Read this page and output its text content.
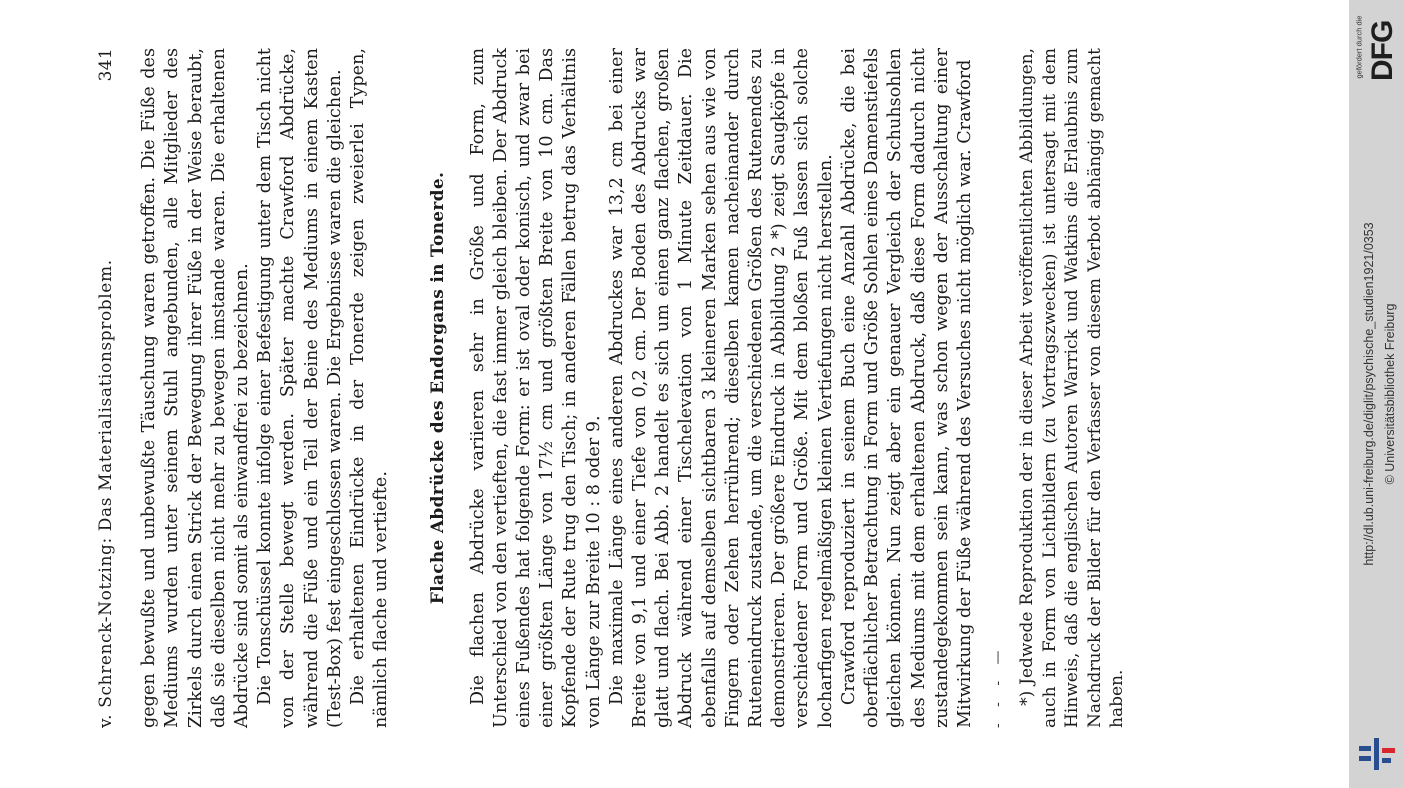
v. Schrenck-Notzing: Das Materialisationsproblem.
341 gegen bewußte und unbewußte Täuschung waren getroffen. Die Füße des Mediums wurden unter seinem Stuhl angebunden, alle Mitglieder des Zirkels durch einen Strick der Bewegung ihrer Füße in der Weise beraubt, daß sie dieselben nicht mehr zu bewegen imstande waren. Die erhaltenen Abdrücke sind somit als einwandfrei zu bezeichnen. Die Tonschüssel konnte infolge einer Befestigung unter dem Tisch nicht von der Stelle bewegt werden. Später machte Crawford Abdrücke, während die Füße und ein Teil der Beine des Mediums in einem Kasten (Test-Box) fest eingeschlossen waren. Die Ergebnisse waren die gleichen. Die erhaltenen Eindrücke in der Tonerde zeigen zweierlei Typen, nämlich flache und vertiefte. Flache Abdrücke des Endorgans in Tonerde. Die flachen Abdrücke variieren sehr in Größe und Form, zum Unterschied von den vertieften, die fast immer gleich bleiben. Der Abdruck eines Fußendes hat folgende Form: er ist oval oder konisch, und zwar bei einer größten Länge von 17½ cm und größten Breite von 10 cm. Das Kopfende der Rute trug den Tisch; in anderen Fällen betrug das Verhältnis von Länge zur Breite 10 : 8 oder 9. Die maximale Länge eines anderen Abdruckes war 13,2 cm bei einer Breite von 9,1 und einer Tiefe von 0,2 cm. Der Boden des Abdrucks war glatt und flach. Bei Abb. 2 handelt es sich um einen ganz flachen, großen Abdruck während einer Tischelevation von 1 Minute Zeitdauer. Die ebenfalls auf demselben sichtbaren 3 kleineren Marken sehen aus wie von Fingern oder Zehen herrührend; dieselben kamen nacheinander durch Ruteneindruck zustande, um die verschiedenen Größen des Rutenendes zu demonstrieren. Der größere Eindruck in Abbildung 2 *) zeigt Saugköpfe in verschiedener Form und Größe. Mit dem bloßen Fuß lassen sich solche locharfigen regelmäßigen kleinen Vertiefungen nicht herstellen. Crawford reproduziert in seinem Buch eine Anzahl Abdrücke, die bei oberflächlicher Betrachtung in Form und Größe Sohlen eines Damenstiefels gleichen können. Nun zeigt aber ein genauer Vergleich der Schuhsohlen des Mediums mit dem erhaltenen Abdruck, daß diese Form dadurch nicht zustandegekommen sein kann, was schon wegen der Ausschaltung einer Mitwirkung der Füße während des Versuches nicht möglich war. Crawford - - - — *) Jedwede Reproduktion der in dieser Arbeit veröffentlichten Abbildungen, auch in Form von Lichtbildern (zu Vortragszwecken) ist untersagt mit dem Hinweis, daß die englischen Autoren Warrick und Watkins die Erlaubnis zum Nachdruck der Bilder für den Verfasser von diesem Verbot abhängig gemacht haben.

gefördert durch die DFG
http://dl.ub.uni-freiburg.de/diglit/psychische_studien1921/0353 © Universitätsbibliothek Freiburg
